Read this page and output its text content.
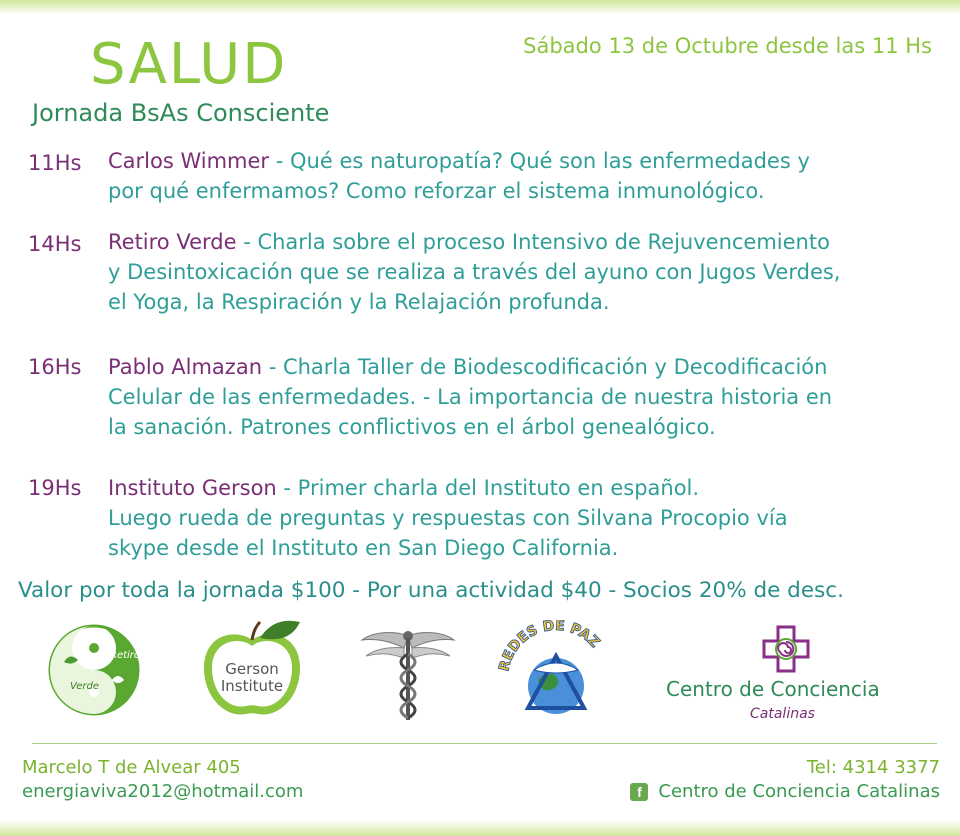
SALUD
Jornada BsAs Consciente
Sábado 13 de Octubre desde las 11 Hs
11Hs Carlos Wimmer - Qué es naturopatía? Qué son las enfermedades y
por qué enfermamos? Como reforzar el sistema inmunológico.
14Hs Retiro Verde - Charla sobre el proceso Intensivo de Rejuvencemiento
y Desintoxicación que se realiza a través del ayuno con Jugos Verdes,
el Yoga, la Respiración y la Relajación profunda.
16Hs Pablo Almazan - Charla Taller de Biodescodificación y Decodificación
Celular de las enfermedades. - La importancia de nuestra historia en
la sanación. Patrones conflictivos en el árbol genealógico.
19Hs Instituto Gerson - Primer charla del Instituto en español.
Luego rueda de preguntas y respuestas con Silvana Procopio vía
skype desde el Instituto en San Diego California.
Valor por toda la jornada $100 - Por una actividad $40 - Socios 20% de desc.
Retiro
Verde
Gerson
Institute
REDES DE PAZ
Centro de Conciencia
Catalinas
Marcelo T de Alvear 405
energiaviva2012@hotmail.com
Tel: 4314 3377
f Centro de Conciencia Catalinas
